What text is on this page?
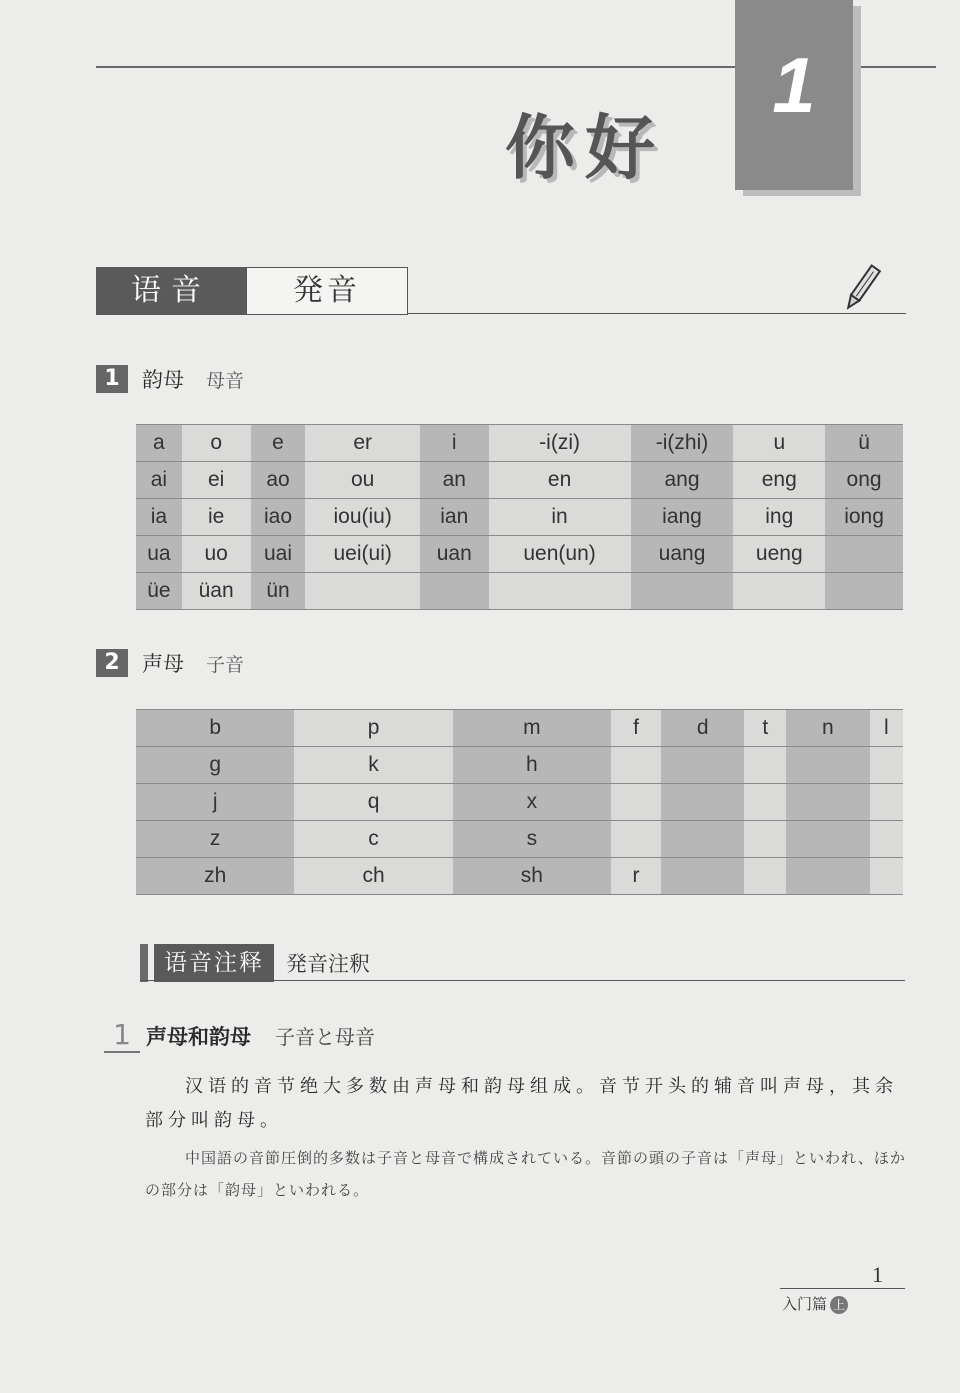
1
你好
语音	発音
1	韵母 母音
a	o	e	er	i	-i(zi)	-i(zhi)	u	ü
ai	ei	ao	ou	an	en	ang	eng	ong
ia	ie	iao	iou(iu)	ian	in	iang	ing	iong
ua	uo	uai	uei(ui)	uan	uen(un)	uang	ueng	
üe	üan	ün						
2	声母 子音
b	p	m	f	d	t	n	l
g	k	h					
j	q	x					
z	c	s					
zh	ch	sh	r				
语音注释	発音注釈
1 声母和韵母 子音と母音

汉语的音节绝大多数由声母和韵母组成。音节开头的辅音叫声母，其余部分叫韵母。

中国語の音節圧倒的多数は子音と母音で構成されている。音節の頭の子音は「声母」といわれ、ほかの部分は「韵母」といわれる。

1
入门篇 上
